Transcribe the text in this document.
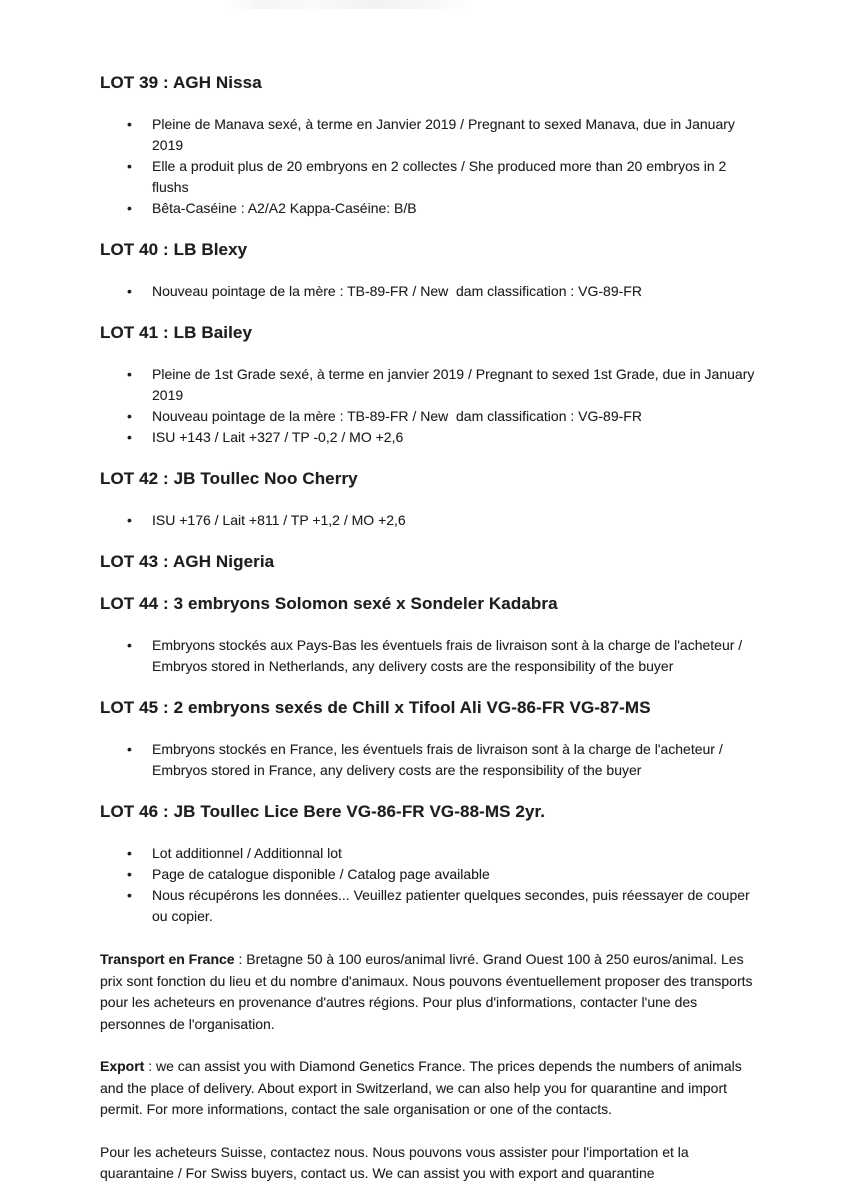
LOT 39 : AGH Nissa
• Pleine de Manava sexé, à terme en Janvier 2019 / Pregnant to sexed Manava, due in January 2019
• Elle a produit plus de 20 embryons en 2 collectes / She produced more than 20 embryos in 2 flushs
• Bêta-Caséine : A2/A2 Kappa-Caséine: B/B
LOT 40 : LB Blexy
• Nouveau pointage de la mère : TB-89-FR / New  dam classification : VG-89-FR
LOT 41 : LB Bailey
• Pleine de 1st Grade sexé, à terme en janvier 2019 / Pregnant to sexed 1st Grade, due in January 2019
• Nouveau pointage de la mère : TB-89-FR / New  dam classification : VG-89-FR
• ISU +143 / Lait +327 / TP -0,2 / MO +2,6
LOT 42 : JB Toullec Noo Cherry
• ISU +176 / Lait +811 / TP +1,2 / MO +2,6
LOT 43 : AGH Nigeria
LOT 44 : 3 embryons Solomon sexé x Sondeler Kadabra
• Embryons stockés aux Pays-Bas les éventuels frais de livraison sont à la charge de l'acheteur / Embryos stored in Netherlands, any delivery costs are the responsibility of the buyer
LOT 45 : 2 embryons sexés de Chill x Tifool Ali VG-86-FR VG-87-MS
• Embryons stockés en France, les éventuels frais de livraison sont à la charge de l'acheteur / Embryos stored in France, any delivery costs are the responsibility of the buyer
LOT 46 : JB Toullec Lice Bere VG-86-FR VG-88-MS 2yr.
• Lot additionnel / Additionnal lot
• Page de catalogue disponible / Catalog page available
• Nous récupérons les données... Veuillez patienter quelques secondes, puis réessayer de couper ou copier.

Transport en France : Bretagne 50 à 100 euros/animal livré. Grand Ouest 100 à 250 euros/animal. Les prix sont fonction du lieu et du nombre d'animaux. Nous pouvons éventuellement proposer des transports pour les acheteurs en provenance d'autres régions. Pour plus d'informations, contacter l'une des personnes de l'organisation.

Export : we can assist you with Diamond Genetics France. The prices depends the numbers of animals and the place of delivery. About export in Switzerland, we can also help you for quarantine and import permit. For more informations, contact the sale organisation or one of the contacts.

Pour les acheteurs Suisse, contactez nous. Nous pouvons vous assister pour l'importation et la quarantaine / For Swiss buyers, contact us. We can assist you with export and quarantine
